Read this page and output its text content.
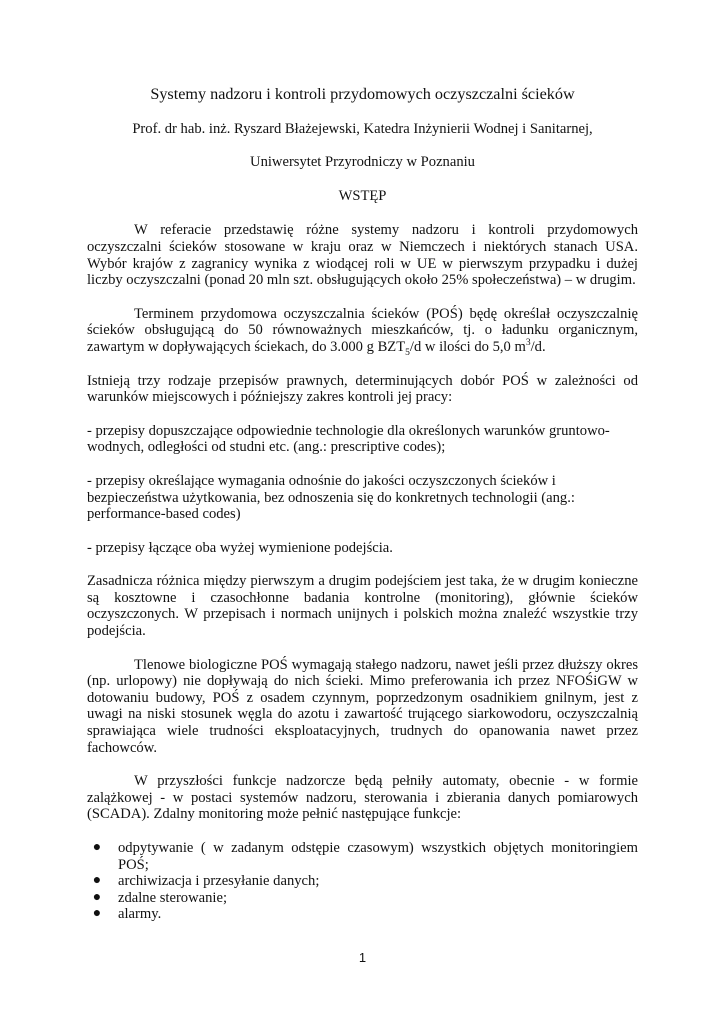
Systemy nadzoru i kontroli przydomowych oczyszczalni ścieków
Prof. dr hab. inż. Ryszard Błażejewski, Katedra Inżynierii Wodnej i Sanitarnej,
Uniwersytet Przyrodniczy w Poznaniu
WSTĘP

W referacie przedstawię różne systemy nadzoru i kontroli przydomowych oczyszczalni ścieków stosowane w kraju oraz w Niemczech i niektórych stanach USA. Wybór krajów z zagranicy wynika z wiodącej roli w UE w pierwszym przypadku i dużej liczby oczyszczalni (ponad 20 mln szt. obsługujących około 25% społeczeństwa) – w drugim.

Terminem przydomowa oczyszczalnia ścieków (POŚ) będę określał oczyszczalnię ścieków obsługującą do 50 równoważnych mieszkańców, tj. o ładunku organicznym, zawartym w dopływających ściekach, do 3.000 g $BZT_5/d$ w ilości do 5,0 $m^3/d$.

Istnieją trzy rodzaje przepisów prawnych, determinujących dobór POŚ w zależności od warunków miejscowych i późniejszy zakres kontroli jej pracy:

- przepisy dopuszczające odpowiednie technologie dla określonych warunków gruntowo-wodnych, odległości od studni etc. (ang.: prescriptive codes);

- przepisy określające wymagania odnośnie do jakości oczyszczonych ścieków i bezpieczeństwa użytkowania, bez odnoszenia się do konkretnych technologii (ang.: performance-based codes)

- przepisy łączące oba wyżej wymienione podejścia.

Zasadnicza różnica między pierwszym a drugim podejściem jest taka, że w drugim konieczne są kosztowne i czasochłonne badania kontrolne (monitoring), głównie ścieków oczyszczonych. W przepisach i normach unijnych i polskich można znaleźć wszystkie trzy podejścia.

Tlenowe biologiczne POŚ wymagają stałego nadzoru, nawet jeśli przez dłuższy okres (np. urlopowy) nie dopływają do nich ścieki. Mimo preferowania ich przez NFOŚiGW w dotowaniu budowy, POŚ z osadem czynnym, poprzedzonym osadnikiem gnilnym, jest z uwagi na niski stosunek węgla do azotu i zawartość trującego siarkowodoru, oczyszczalnią sprawiająca wiele trudności eksploatacyjnych, trudnych do opanowania nawet przez fachowców.

W przyszłości funkcje nadzorcze będą pełniły automaty, obecnie - w formie zalążkowej - w postaci systemów nadzoru, sterowania i zbierania danych pomiarowych (SCADA). Zdalny monitoring może pełnić następujące funkcje:

●	odpytywanie ( w zadanym odstępie czasowym) wszystkich objętych monitoringiem POŚ;
●	archiwizacja i przesyłanie danych;
●	zdalne sterowanie;
●	alarmy.
1
